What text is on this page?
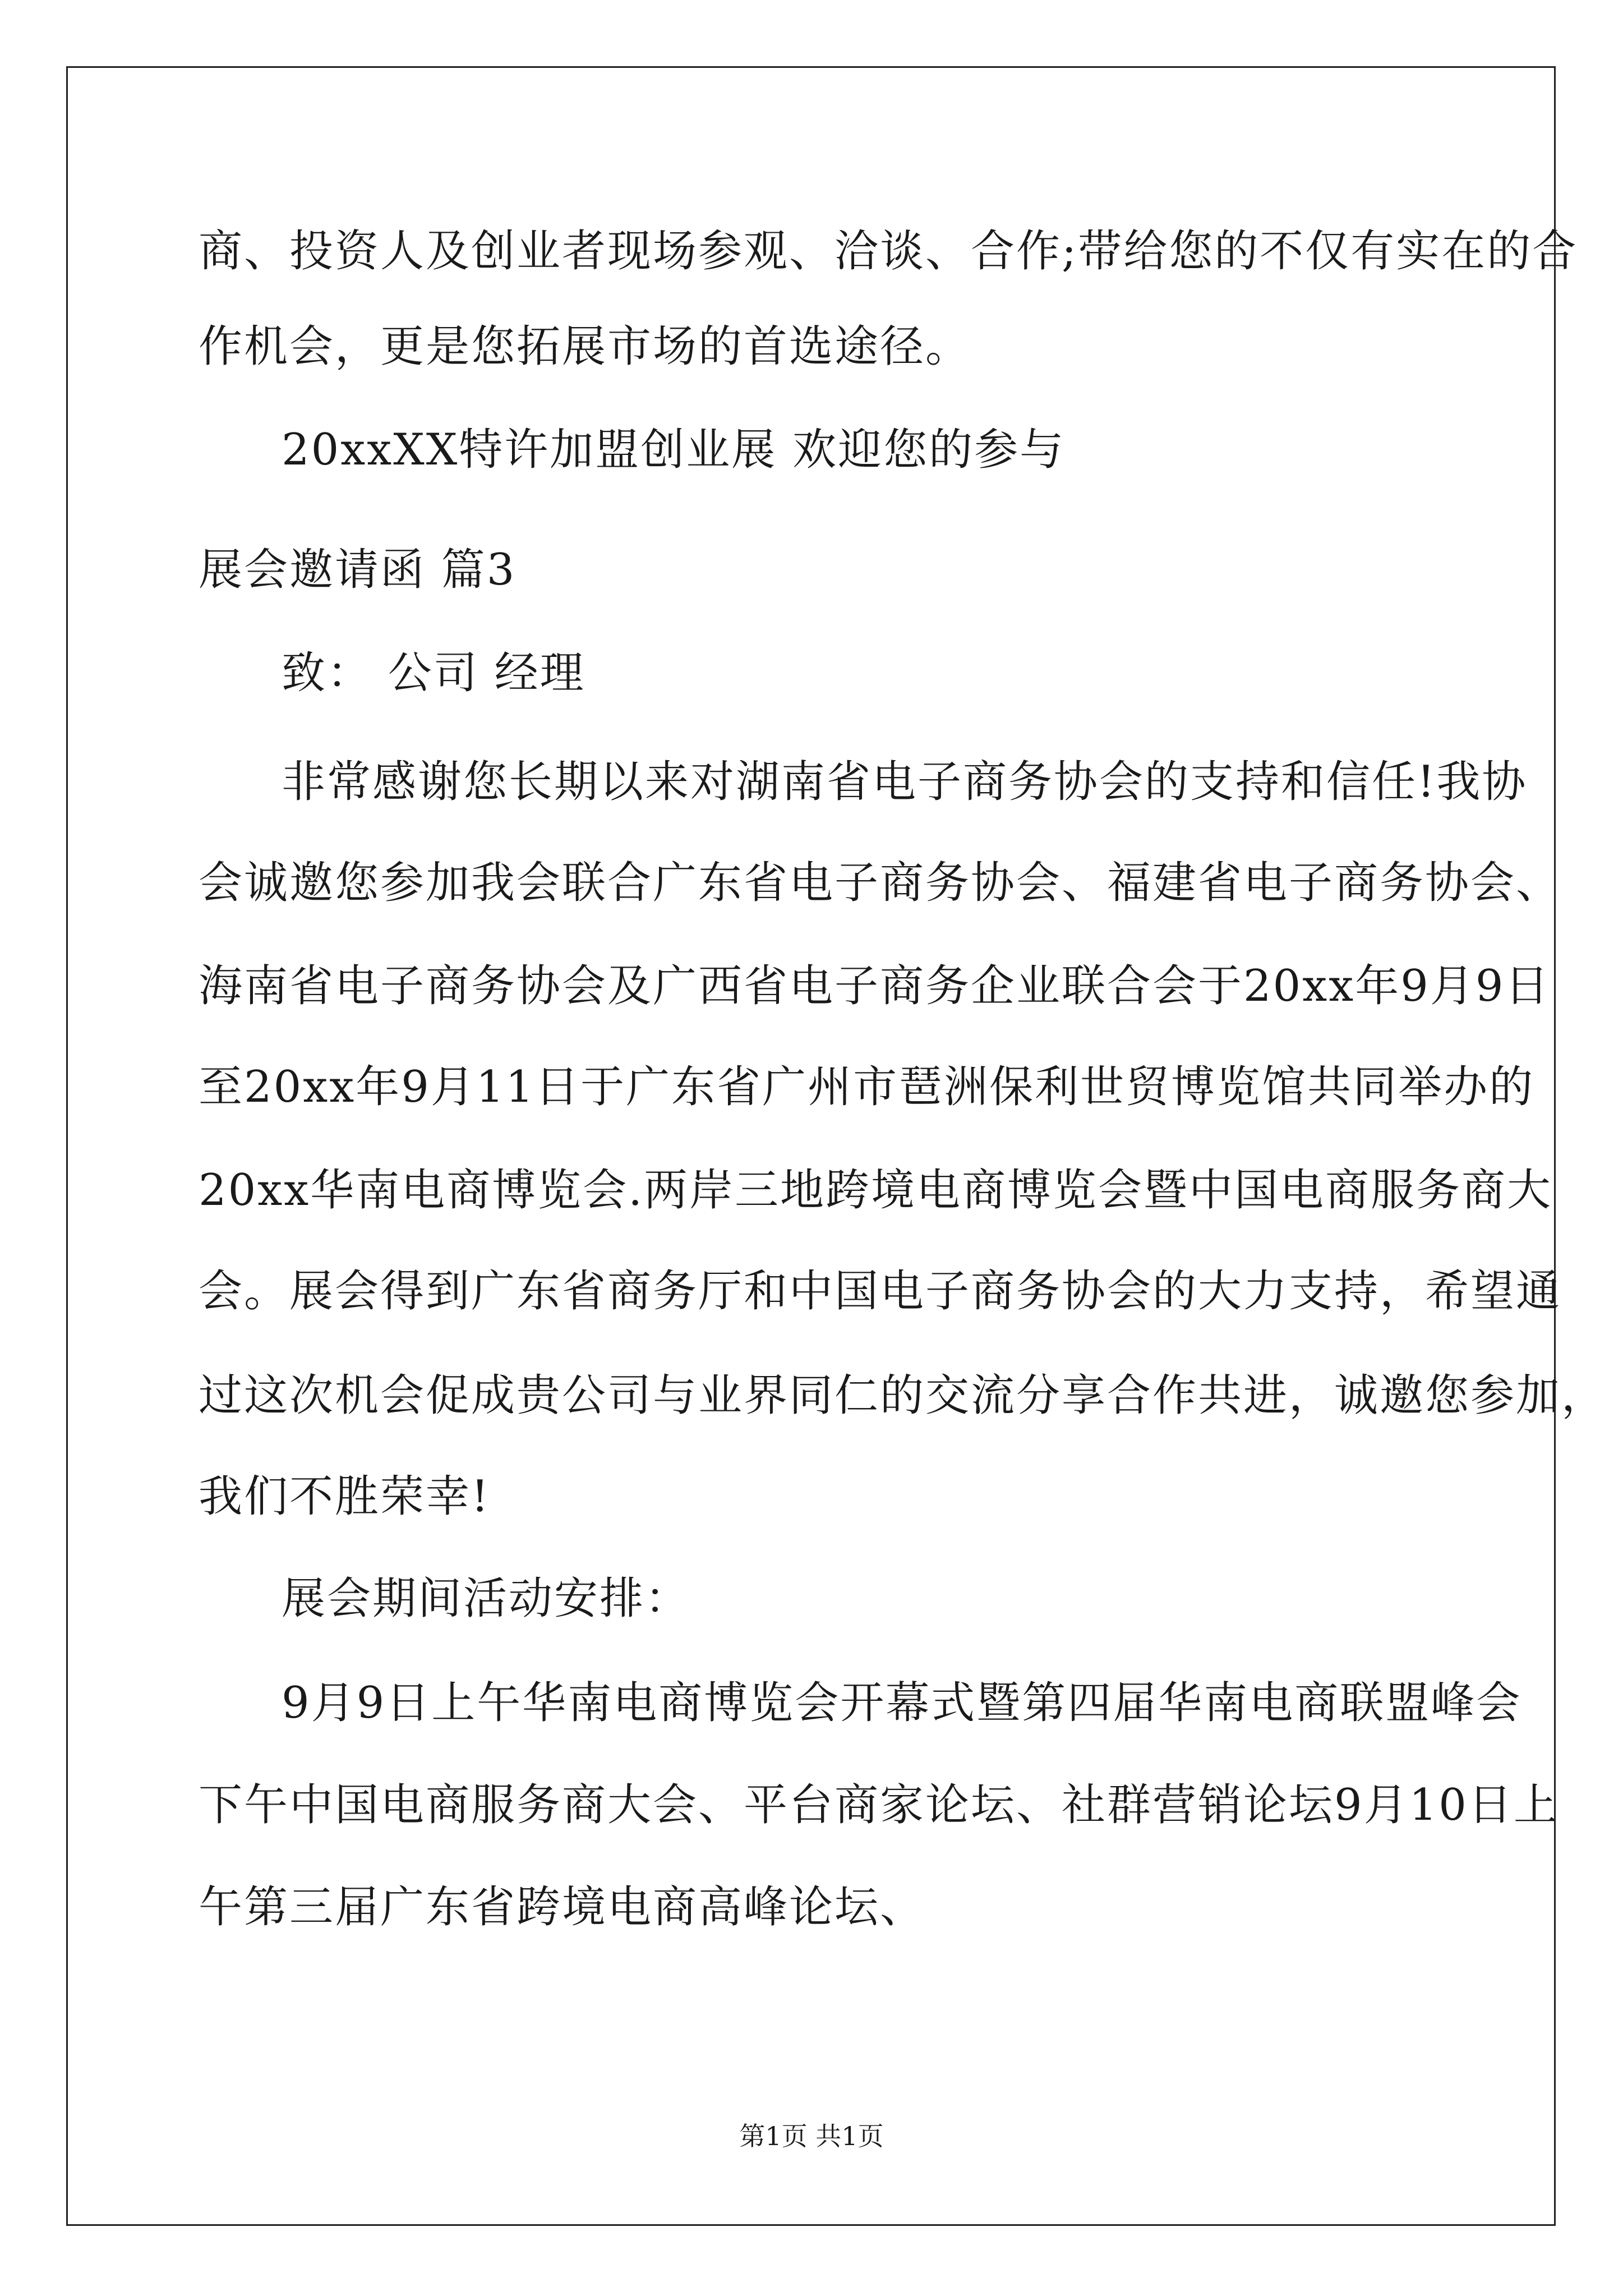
商、投资人及创业者现场参观、洽谈、合作;带给您的不仅有实在的合
作机会，更是您拓展市场的首选途径。
20xxXX特许加盟创业展 欢迎您的参与
展会邀请函 篇3
致： 公司 经理
非常感谢您长期以来对湖南省电子商务协会的支持和信任!我协
会诚邀您参加我会联合广东省电子商务协会、福建省电子商务协会、
海南省电子商务协会及广西省电子商务企业联合会于20xx年9月9日
至20xx年9月11日于广东省广州市琶洲保利世贸博览馆共同举办的
20xx华南电商博览会.两岸三地跨境电商博览会暨中国电商服务商大
会。展会得到广东省商务厅和中国电子商务协会的大力支持，希望通
过这次机会促成贵公司与业界同仁的交流分享合作共进，诚邀您参加，
我们不胜荣幸!
展会期间活动安排：
9月9日上午华南电商博览会开幕式暨第四届华南电商联盟峰会
下午中国电商服务商大会、平台商家论坛、社群营销论坛9月10日上
午第三届广东省跨境电商高峰论坛、
第1页 共1页
